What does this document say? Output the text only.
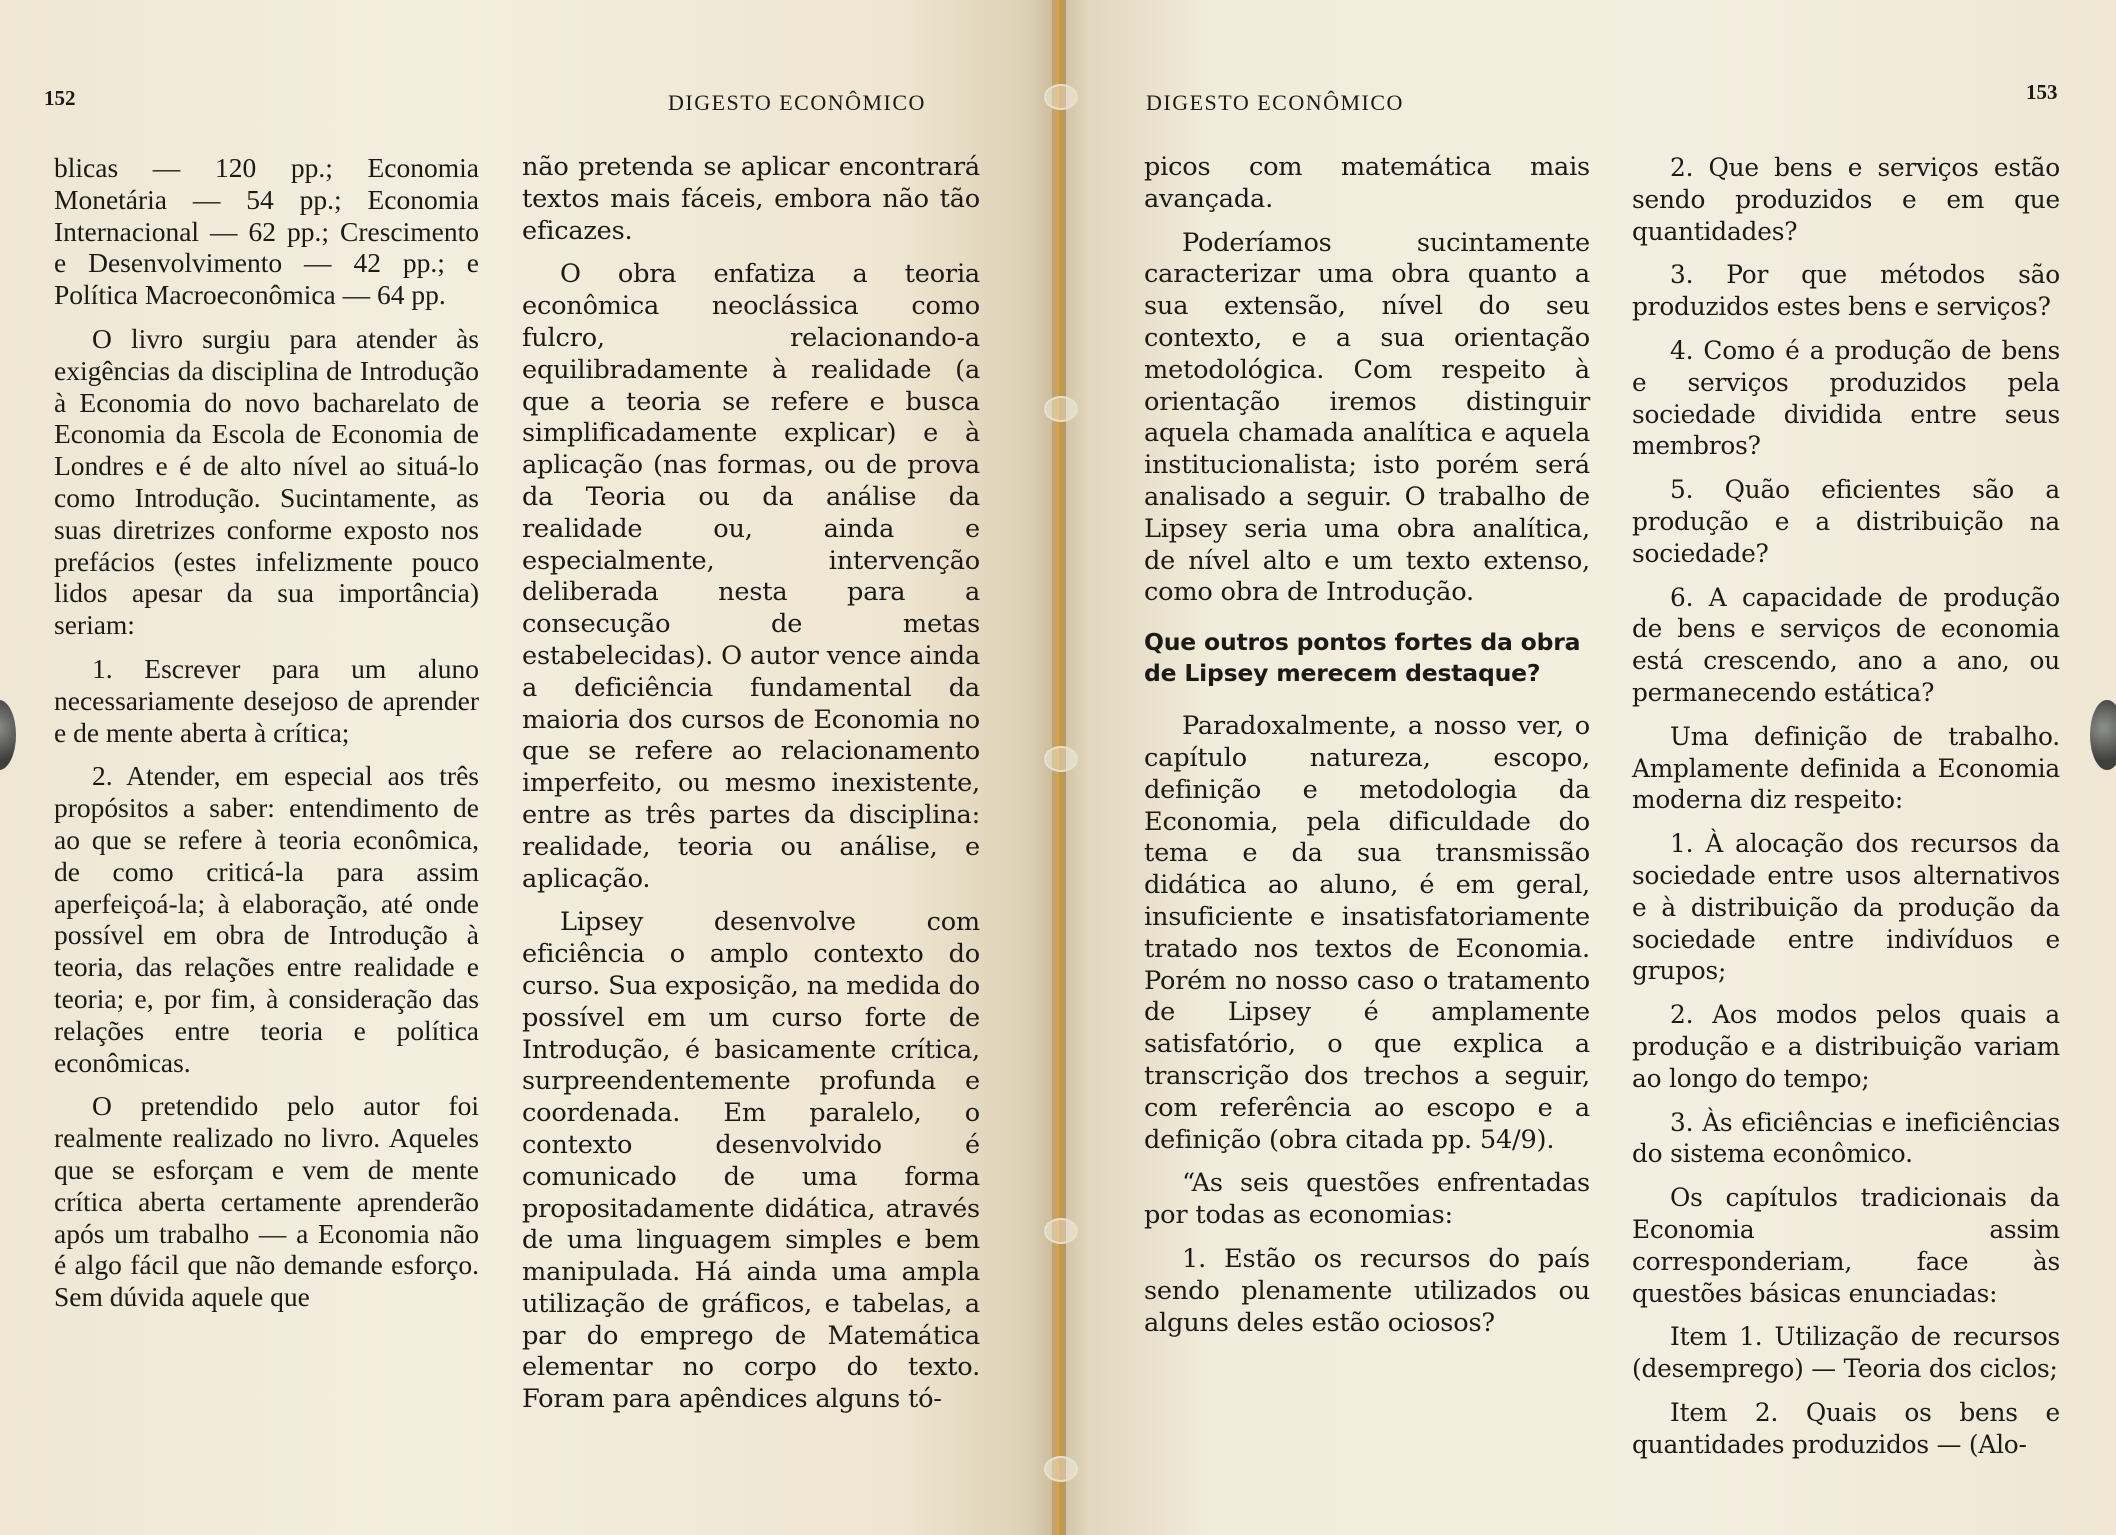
152	DIGESTO ECONÔMICO

blicas — 120 pp.; Economia Monetária — 54 pp.; Economia Internacional — 62 pp.; Crescimento e Desenvolvimento — 42 pp.; e Política Macroeconômica — 64 pp.

O livro surgiu para atender às exigências da disciplina de Introdução à Economia do novo bacharelato de Economia da Escola de Economia de Londres e é de alto nível ao situá-lo como Introdução. Sucintamente, as suas diretrizes conforme exposto nos prefácios (estes infelizmente pouco lidos apesar da sua importância) seriam:

1. Escrever para um aluno necessariamente desejoso de aprender e de mente aberta à crítica;

2. Atender, em especial aos três propósitos a saber: entendimento de ao que se refere à teoria econômica, de como criticá-la para assim aperfeiçoá-la; à elaboração, até onde possível em obra de Introdução à teoria, das relações entre realidade e teoria; e, por fim, à consideração das relações entre teoria e política econômicas.

O pretendido pelo autor foi realmente realizado no livro. Aqueles que se esforçam e vem de mente crítica aberta certamente aprenderão após um trabalho — a Economia não é algo fácil que não demande esforço. Sem dúvida aquele que

não pretenda se aplicar encontrará textos mais fáceis, embora não tão eficazes.

O obra enfatiza a teoria econômica neoclássica como fulcro, relacionando-a equilibradamente à realidade (a que a teoria se refere e busca simplificadamente explicar) e à aplicação (nas formas, ou de prova da Teoria ou da análise da realidade ou, ainda e especialmente, intervenção deliberada nesta para a consecução de metas estabelecidas). O autor vence ainda a deficiência fundamental da maioria dos cursos de Economia no que se refere ao relacionamento imperfeito, ou mesmo inexistente, entre as três partes da disciplina: realidade, teoria ou análise, e aplicação.

Lipsey desenvolve com eficiência o amplo contexto do curso. Sua exposição, na medida do possível em um curso forte de Introdução, é basicamente crítica, surpreendentemente profunda e coordenada. Em paralelo, o contexto desenvolvido é comunicado de uma forma propositadamente didática, através de uma linguagem simples e bem manipulada. Há ainda uma ampla utilização de gráficos, e tabelas, a par do emprego de Matemática elementar no corpo do texto. Foram para apêndices alguns tó-

153
DIGESTO ECONÔMICO

picos com matemática mais avançada.

Poderíamos sucintamente caracterizar uma obra quanto a sua extensão, nível do seu contexto, e a sua orientação metodológica. Com respeito à orientação iremos distinguir aquela chamada analítica e aquela institucionalista; isto porém será analisado a seguir. O trabalho de Lipsey seria uma obra analítica, de nível alto e um texto extenso, como obra de Introdução.

Que outros pontos fortes da obra de Lipsey merecem destaque?

Paradoxalmente, a nosso ver, o capítulo natureza, escopo, definição e metodologia da Economia, pela dificuldade do tema e da sua transmissão didática ao aluno, é em geral, insuficiente e insatisfatoriamente tratado nos textos de Economia. Porém no nosso caso o tratamento de Lipsey é amplamente satisfatório, o que explica a transcrição dos trechos a seguir, com referência ao escopo e a definição (obra citada pp. 54/9).

“As seis questões enfrentadas por todas as economias:

1. Estão os recursos do país sendo plenamente utilizados ou alguns deles estão ociosos?

2. Que bens e serviços estão sendo produzidos e em que quantidades?

3. Por que métodos são produzidos estes bens e serviços?

4. Como é a produção de bens e serviços produzidos pela sociedade dividida entre seus membros?

5. Quão eficientes são a produção e a distribuição na sociedade?

6. A capacidade de produção de bens e serviços de economia está crescendo, ano a ano, ou permanecendo estática?

Uma definição de trabalho. Amplamente definida a Economia moderna diz respeito:

1. À alocação dos recursos da sociedade entre usos alternativos e à distribuição da produção da sociedade entre indivíduos e grupos;

2. Aos modos pelos quais a produção e a distribuição variam ao longo do tempo;

3. Às eficiências e ineficiências do sistema econômico.

Os capítulos tradicionais da Economia assim corresponderiam, face às questões básicas enunciadas:

Item 1. Utilização de recursos (desemprego) — Teoria dos ciclos;

Item 2. Quais os bens e quantidades produzidos — (Alo-
